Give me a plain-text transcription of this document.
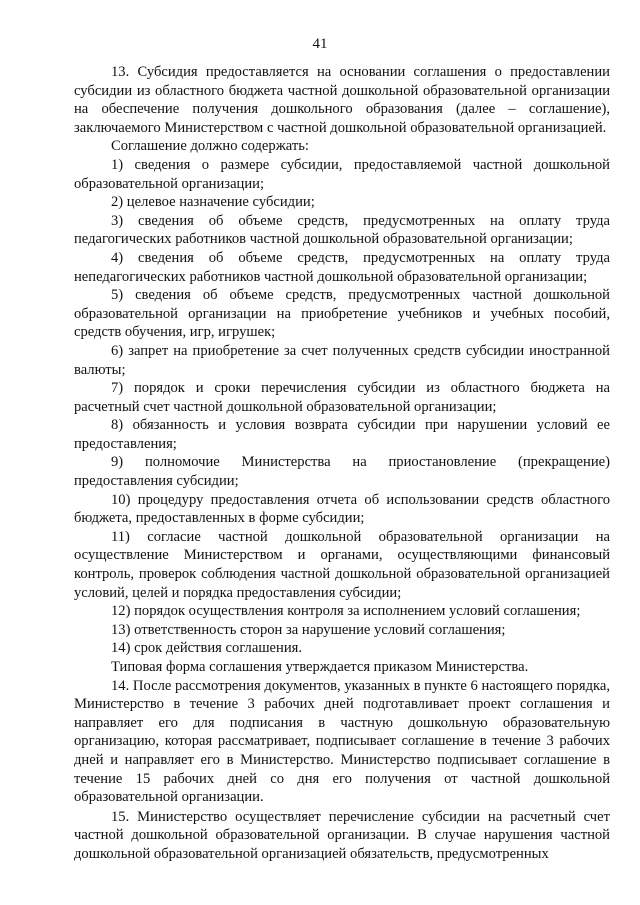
41

13. Субсидия предоставляется на основании соглашения о предоставлении субсидии из областного бюджета частной дошкольной образовательной организации на обеспечение получения дошкольного образования (далее – соглашение), заключаемого Министерством с частной дошкольной образовательной организацией.

Соглашение должно содержать:

1) сведения о размере субсидии, предоставляемой частной дошкольной образовательной организации;

2) целевое назначение субсидии;

3) сведения об объеме средств, предусмотренных на оплату труда педагогических работников частной дошкольной образовательной организации;

4) сведения об объеме средств, предусмотренных на оплату труда непедагогических работников частной дошкольной образовательной организации;

5) сведения об объеме средств, предусмотренных частной дошкольной образовательной организации на приобретение учебников и учебных пособий, средств обучения, игр, игрушек;

6) запрет на приобретение за счет полученных средств субсидии иностранной валюты;

7) порядок и сроки перечисления субсидии из областного бюджета на расчетный счет частной дошкольной образовательной организации;

8) обязанность и условия возврата субсидии при нарушении условий ее предоставления;

9) полномочие Министерства на приостановление (прекращение) предоставления субсидии;

10) процедуру предоставления отчета об использовании средств областного бюджета, предоставленных в форме субсидии;

11) согласие частной дошкольной образовательной организации на осуществление Министерством и органами, осуществляющими финансовый контроль, проверок соблюдения частной дошкольной образовательной организацией условий, целей и порядка предоставления субсидии;

12) порядок осуществления контроля за исполнением условий соглашения;

13) ответственность сторон за нарушение условий соглашения;

14) срок действия соглашения.

Типовая форма соглашения утверждается приказом Министерства.

14. После рассмотрения документов, указанных в пункте 6 настоящего порядка, Министерство в течение 3 рабочих дней подготавливает проект соглашения и направляет его для подписания в частную дошкольную образовательную организацию, которая рассматривает, подписывает соглашение в течение 3 рабочих дней и направляет его в Министерство. Министерство подписывает соглашение в течение 15 рабочих дней со дня его получения от частной дошкольной образовательной организации.

15. Министерство осуществляет перечисление субсидии на расчетный счет частной дошкольной образовательной организации. В случае нарушения частной дошкольной образовательной организацией обязательств, предусмотренных
